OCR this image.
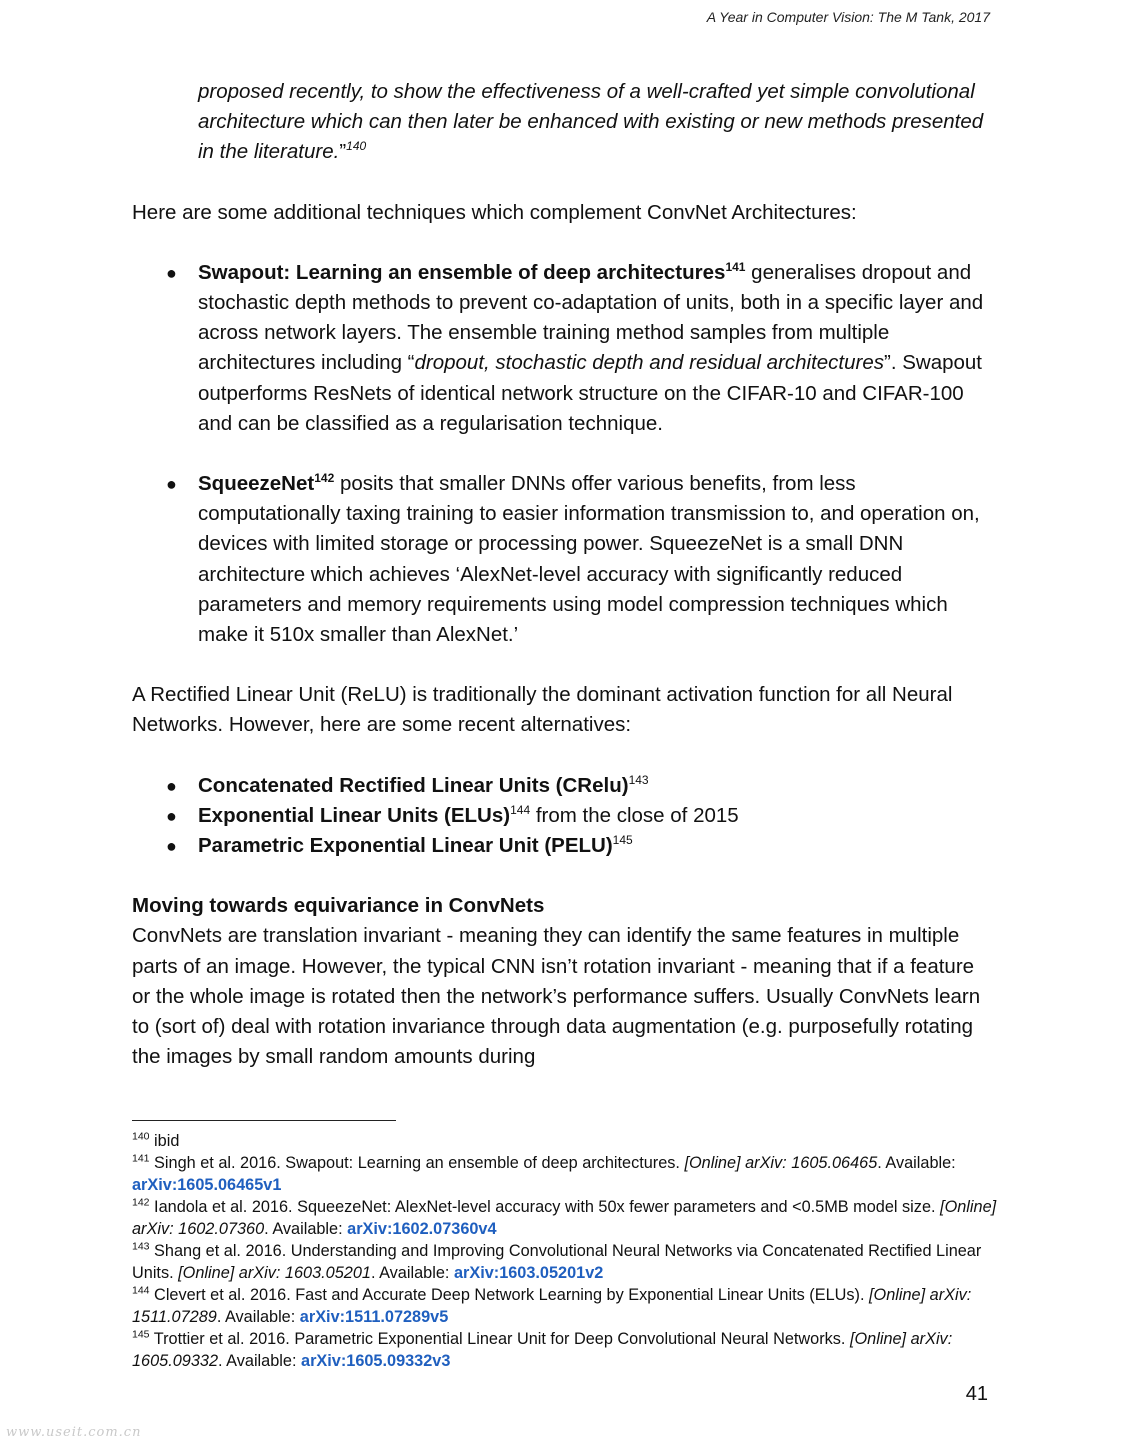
A Year in Computer Vision: The M Tank, 2017

proposed recently, to show the effectiveness of a well-crafted yet simple convolutional architecture which can then later be enhanced with existing or new methods presented in the literature.”$^{140}$

Here are some additional techniques which complement ConvNet Architectures:

● Swapout: Learning an ensemble of deep architectures$^{141}$ generalises dropout and stochastic depth methods to prevent co-adaptation of units, both in a specific layer and across network layers. The ensemble training method samples from multiple architectures including “dropout, stochastic depth and residual architectures”. Swapout outperforms ResNets of identical network structure on the CIFAR-10 and CIFAR-100 and can be classified as a regularisation technique.
● SqueezeNet$^{142}$ posits that smaller DNNs offer various benefits, from less computationally taxing training to easier information transmission to, and operation on, devices with limited storage or processing power. SqueezeNet is a small DNN architecture which achieves ‘AlexNet-level accuracy with significantly reduced parameters and memory requirements using model compression techniques which make it 510x smaller than AlexNet.’

A Rectified Linear Unit (ReLU) is traditionally the dominant activation function for all Neural Networks. However, here are some recent alternatives:

● Concatenated Rectified Linear Units (CRelu)$^{143}$
● Exponential Linear Units (ELUs)$^{144}$ from the close of 2015
● Parametric Exponential Linear Unit (PELU)$^{145}$

Moving towards equivariance in ConvNets

ConvNets are translation invariant - meaning they can identify the same features in multiple parts of an image. However, the typical CNN isn’t rotation invariant - meaning that if a feature or the whole image is rotated then the network’s performance suffers. Usually ConvNets learn to (sort of) deal with rotation invariance through data augmentation (e.g. purposefully rotating the images by small random amounts during

$^{140}$ ibid
$^{141}$ Singh et al. 2016. Swapout: Learning an ensemble of deep architectures. [Online] arXiv: 1605.06465. Available: arXiv:1605.06465v1
$^{142}$ Iandola et al. 2016. SqueezeNet: AlexNet-level accuracy with 50x fewer parameters and <0.5MB model size. [Online] arXiv: 1602.07360. Available: arXiv:1602.07360v4
$^{143}$ Shang et al. 2016. Understanding and Improving Convolutional Neural Networks via Concatenated Rectified Linear Units. [Online] arXiv: 1603.05201. Available: arXiv:1603.05201v2
$^{144}$ Clevert et al. 2016. Fast and Accurate Deep Network Learning by Exponential Linear Units (ELUs). [Online] arXiv: 1511.07289. Available: arXiv:1511.07289v5
$^{145}$ Trottier et al. 2016. Parametric Exponential Linear Unit for Deep Convolutional Neural Networks. [Online] arXiv: 1605.09332. Available: arXiv:1605.09332v3
41
www.useit.com.cn
